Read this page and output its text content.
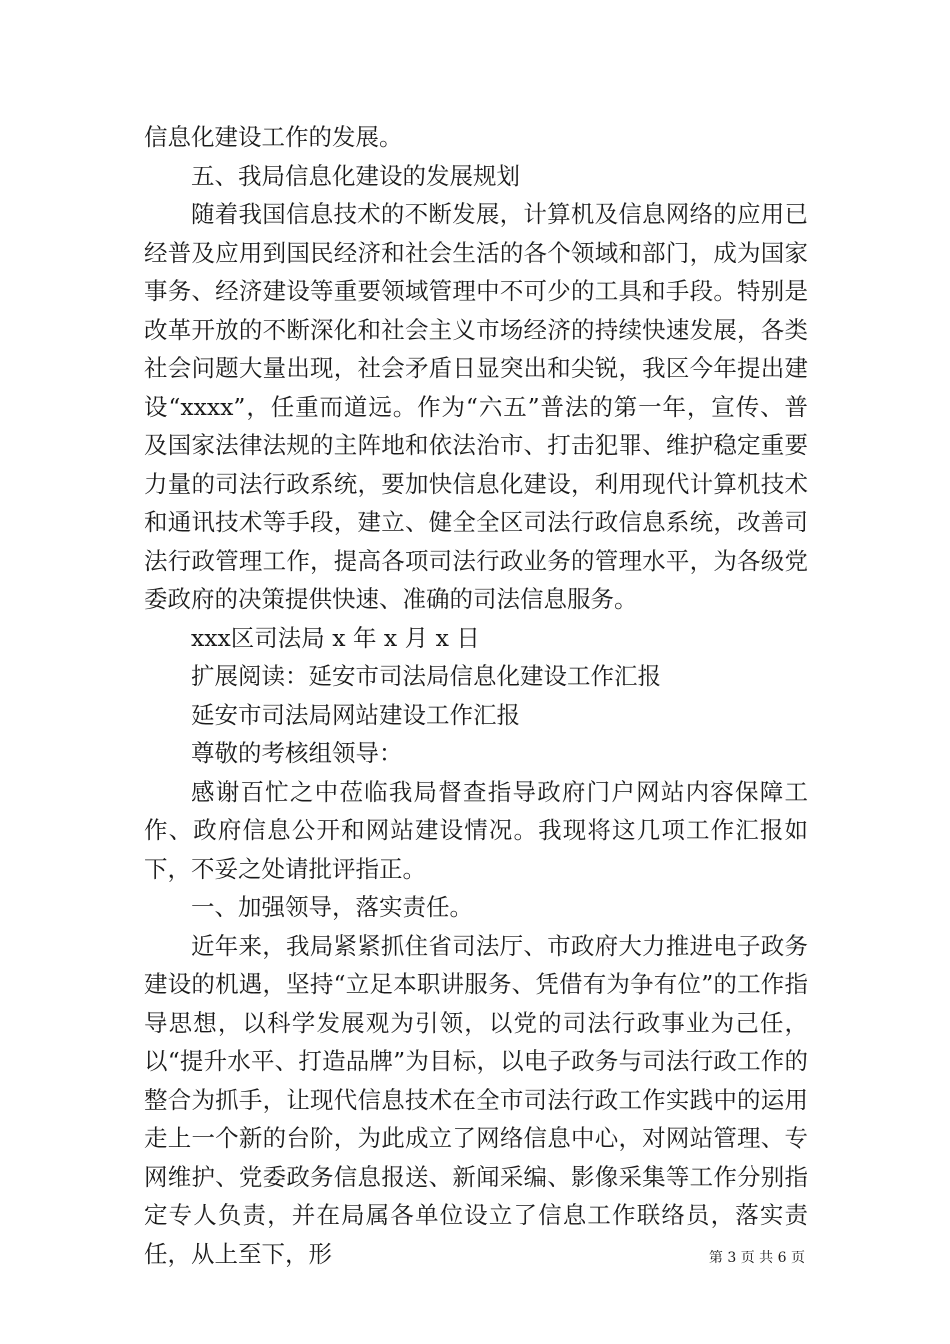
信息化建设工作的发展。

五、我局信息化建设的发展规划

随着我国信息技术的不断发展，计算机及信息网络的应用已经普及应用到国民经济和社会生活的各个领域和部门，成为国家事务、经济建设等重要领域管理中不可少的工具和手段。特别是改革开放的不断深化和社会主义市场经济的持续快速发展，各类社会问题大量出现，社会矛盾日显突出和尖锐，我区今年提出建设“xxxx”，任重而道远。作为“六五”普法的第一年，宣传、普及国家法律法规的主阵地和依法治市、打击犯罪、维护稳定重要力量的司法行政系统，要加快信息化建设，利用现代计算机技术和通讯技术等手段，建立、健全全区司法行政信息系统，改善司法行政管理工作，提高各项司法行政业务的管理水平，为各级党委政府的决策提供快速、准确的司法信息服务。

xxx区司法局 x 年 x 月 x 日

扩展阅读：延安市司法局信息化建设工作汇报

延安市司法局网站建设工作汇报

尊敬的考核组领导：

感谢百忙之中莅临我局督查指导政府门户网站内容保障工作、政府信息公开和网站建设情况。我现将这几项工作汇报如下，不妥之处请批评指正。

一、加强领导，落实责任。

近年来，我局紧紧抓住省司法厅、市政府大力推进电子政务建设的机遇，坚持“立足本职讲服务、凭借有为争有位”的工作指导思想，以科学发展观为引领，以党的司法行政事业为己任，以“提升水平、打造品牌”为目标，以电子政务与司法行政工作的整合为抓手，让现代信息技术在全市司法行政工作实践中的运用走上一个新的台阶，为此成立了网络信息中心，对网站管理、专网维护、党委政务信息报送、新闻采编、影像采集等工作分别指定专人负责，并在局属各单位设立了信息工作联络员，落实责任，从上至下，形	第 3 页 共 6 页
